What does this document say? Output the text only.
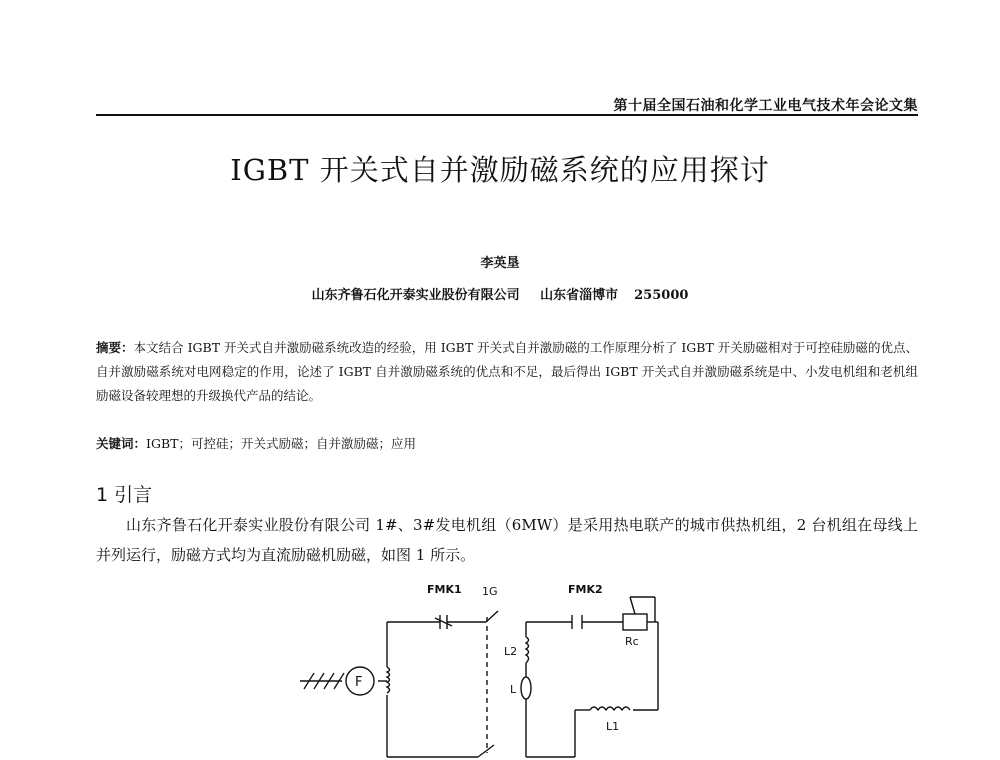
第十届全国石油和化学工业电气技术年会论文集
IGBT 开关式自并激励磁系统的应用探讨
李英垦
山东齐鲁石化开泰实业股份有限公司 山东省淄博市 255000
摘要：本文结合 IGBT 开关式自并激励磁系统改造的经验，用 IGBT 开关式自并激励磁的工作原理分析了 IGBT 开关励磁相对于可控硅励磁的优点、自并激励磁系统对电网稳定的作用，论述了 IGBT 自并激励磁系统的优点和不足，最后得出 IGBT 开关式自并激励磁系统是中、小发电机组和老机组励磁设备较理想的升级换代产品的结论。
关键词：IGBT；可控硅；开关式励磁；自并激励磁；应用
1 引言
山东齐鲁石化开泰实业股份有限公司 1#、3#发电机组（6MW）是采用热电联产的城市供热机组，2 台机组在母线上并列运行，励磁方式均为直流励磁机励磁，如图 1 所示。
FMK1 1G	FMK2
Rc
L2
L
L1
F
